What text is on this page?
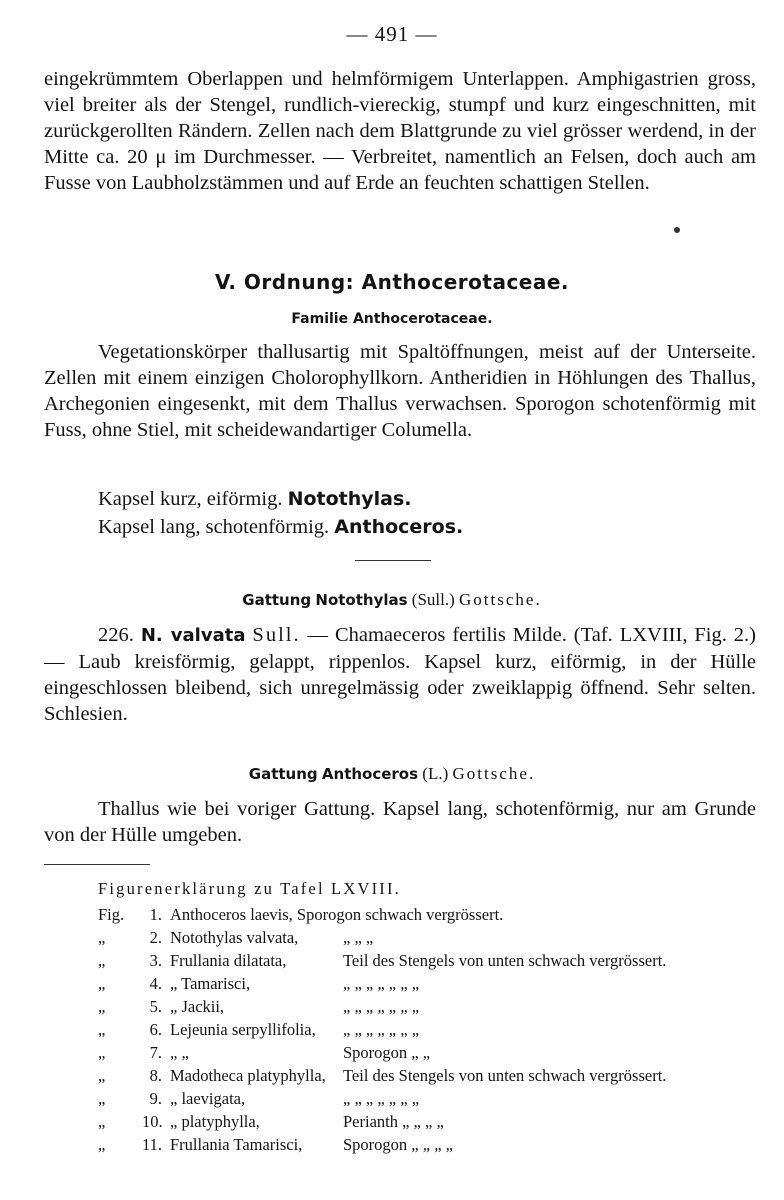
— 491 —
eingekrümmtem Oberlappen und helmförmigem Unterlappen. Amphigastrien gross, viel breiter als der Stengel, rundlich-viereckig, stumpf und kurz eingeschnitten, mit zurückgerollten Rändern. Zellen nach dem Blattgrunde zu viel grösser werdend, in der Mitte ca. 20 μ im Durchmesser. — Verbreitet, namentlich an Felsen, doch auch am Fusse von Laubholzstämmen und auf Erde an feuchten schattigen Stellen.
V. Ordnung: Anthocerotaceae.
Familie Anthocerotaceae.
Vegetationskörper thallusartig mit Spaltöffnungen, meist auf der Unterseite. Zellen mit einem einzigen Cholorophyllkorn. Antheridien in Höhlungen des Thallus, Archegonien eingesenkt, mit dem Thallus verwachsen. Sporogon schotenförmig mit Fuss, ohne Stiel, mit scheidewandartiger Columella.
Kapsel kurz, eiförmig. Notothylas.
Kapsel lang, schotenförmig. Anthoceros.
Gattung Notothylas (Sull.) Gottsche.
226. N. valvata Sull. — Chamaeceros fertilis Milde. (Taf. LXVIII, Fig. 2.) — Laub kreisförmig, gelappt, rippenlos. Kapsel kurz, eiförmig, in der Hülle eingeschlossen bleibend, sich unregelmässig oder zweiklappig öffnend. Sehr selten. Schlesien.
Gattung Anthoceros (L.) Gottsche.
Thallus wie bei voriger Gattung. Kapsel lang, schotenförmig, nur am Grunde von der Hülle umgeben.
Figurenerklärung zu Tafel LXVIII.
Fig.	1. Anthoceros laevis, Sporogon schwach vergrössert.
„	2. Notothylas valvata,	„ „ „
„	3. Frullania dilatata,	Teil des Stengels von unten schwach vergrössert.
„	4. „ Tamarisci,	„ „ „ „ „ „ „
„	5. „ Jackii,	„ „ „ „ „ „ „
„	6. Lejeunia serpyllifolia, „ „ „ „ „ „ „
„	7. „ „	Sporogon „ „
„	8. Madotheca platyphylla, Teil des Stengels von unten schwach vergrössert.
„	9. „ laevigata,	„ „ „ „ „ „ „
„ 10. „ platyphylla,	Perianth „ „ „ „
„ 11. Frullania Tamarisci, Sporogon „ „ „ „
